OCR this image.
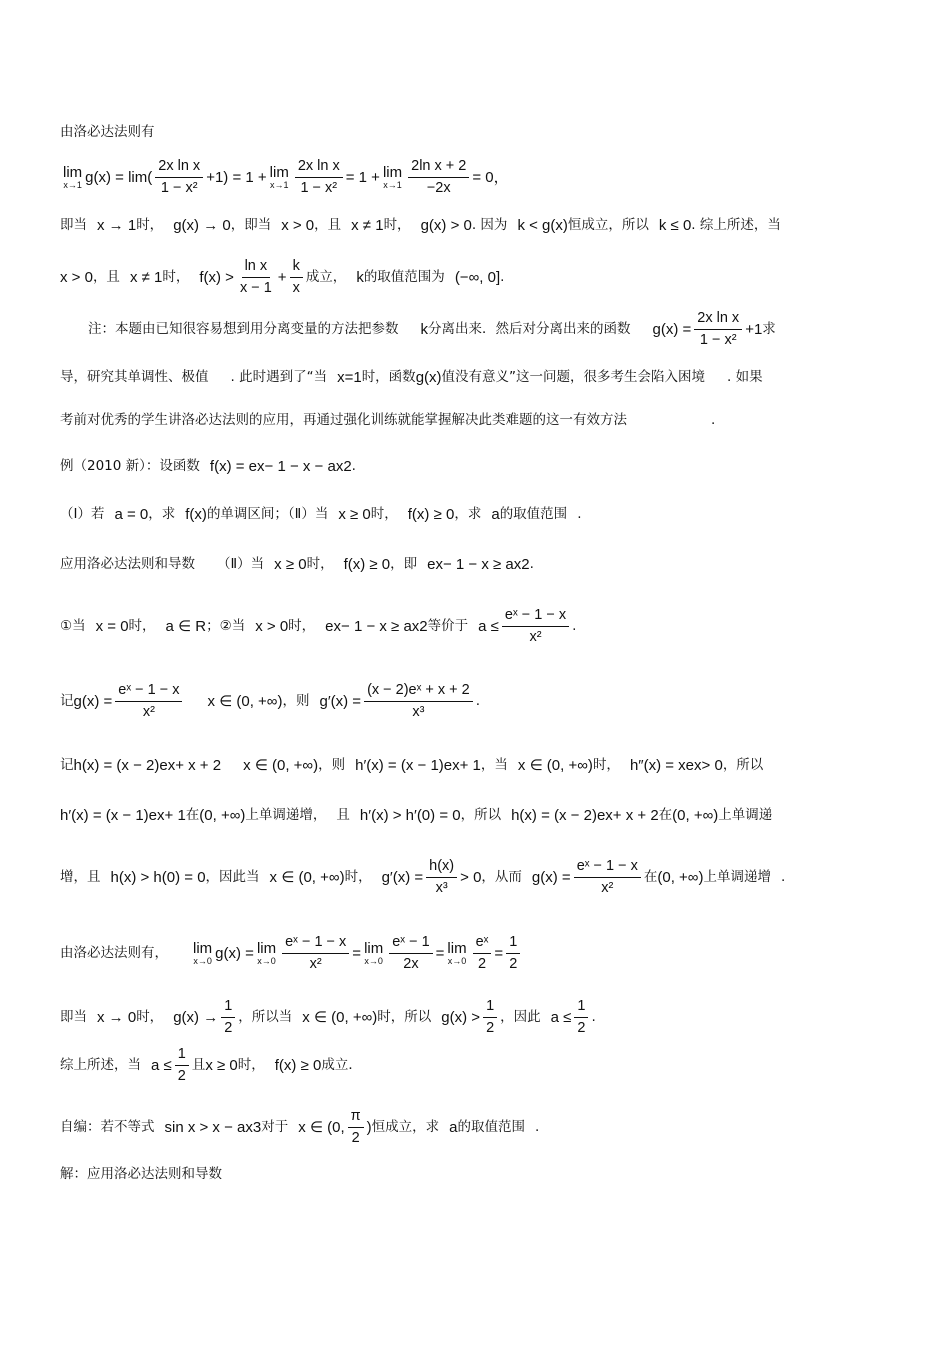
由洛必达法则有
lim
x→1 $g(x) = \lim( \frac{\text{2x ln x}}{\text{1 − x²}} +1) = 1 + \lim$
$x\to 1 \frac{\text{2x ln x}}{\text{1 − x²}} = 1 + \lim$
$x\to 1 \frac{\text{2ln x + 2}}{-2x} = 0$，
即当 x → 1 时， g(x) → 0 ，即当 x > 0 ，且 x ≠ 1 时， g(x) > 0 . 因为 k < g(x) 恒成立，所以 k ≤ 0 . 综上所述，当
x > 0 ，且 x ≠ 1 时， $f(x) > \frac{\text{ln x}}{x - 1} + \frac{k}{x}$ 成立， k 的取值范围为 (−∞, 0] .
注：本题由已知很容易想到用分离变量的方法把参数 k 分离出来．然后对分离出来的函数 $g(x) = \frac{\text{2x ln x}}{\text{1 − x²}} +1$ 求
导，研究其单调性、极值 . 此时遇到了“当 x=1 时，函数 g(x) 值没有意义”这一问题，很多考生会陷入困境 . 如果
考前对优秀的学生讲洛必达法则的应用，再通过强化训练就能掌握解决此类难题的这一有效方法	.
例（2010 新）：设函数 f(x) = e x − 1 − x − ax 2 .
（Ⅰ）若 a = 0 ，求 f(x) 的单调区间；（Ⅱ）当 x ≥ 0 时， f(x) ≥ 0 ，求 a 的取值范围 .
应用洛必达法则和导数 （Ⅱ）当 x ≥ 0 时， f(x) ≥ 0 ，即 e x − 1 − x ≥ ax 2 .
①当 x = 0 时， a ∈ R ；②当 x > 0 时， e x − 1 − x ≥ ax 2 等价于 $a \le \frac{\text{eˣ − 1 − x}}{\text{x²}}$ .
记 $g(x) = \frac{\text{eˣ − 1 − x}}{\text{x²}}$ x ∈ (0, +∞) ，则 $g'(x) = \frac{\text{(x − 2)eˣ + x + 2}}{\text{x³}}$ .
记 h(x) = (x − 2)e x + x + 2 x ∈ (0, +∞) ，则 h′(x) = (x − 1)e x + 1 ，当 x ∈ (0, +∞) 时， h″(x) = xe x > 0 ，所以
h′(x) = (x − 1)e x + 1 在 (0, +∞) 上单调递增， 且 h′(x) > h′(0) = 0 ，所以 h(x) = (x − 2)e x + x + 2 在 (0, +∞) 上单调递
增，且 h(x) > h(0) = 0 ，因此当 x ∈ (0, +∞) 时， $g'(x) = \frac{h(x)}{\text{x³}} > 0$ ，从而 $g(x) = \frac{\text{eˣ − 1 − x}}{\text{x²}}$ 在 (0, +∞) 上单调递增 .
由洛必达法则有， lim
x→0 g(x) = lim
$x\to 0 \frac{\text{eˣ − 1 − x}}{\text{x²}} = \lim$
$x\to 0 \frac{\text{eˣ − 1}}{2x} = \lim$
$x\to 0 \frac{\text{eˣ}}{2} = \frac{1}{2}$
即当 x → 0 时， $g(x) \to \frac{1}{2}$ ，所以当 x ∈ (0, +∞) 时，所以 $g(x) > \frac{1}{2}$ ，因此 $a \le \frac{1}{2}$ .
综上所述，当 $a \le \frac{1}{2}$ 且 x ≥ 0 时， f(x) ≥ 0 成立．
自编：若不等式 sin x > x − ax 3 对于 x ∈ (0, $\frac{\pi}{2}$ ) 恒成立，求 a 的取值范围 .
解：应用洛必达法则和导数
